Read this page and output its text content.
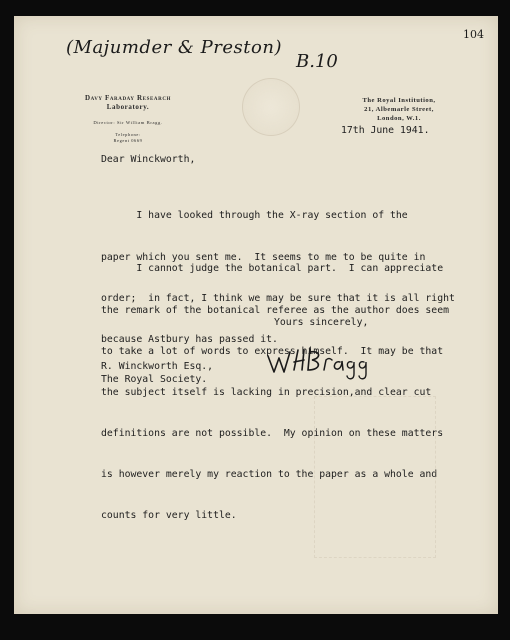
(Majumder & Preston)
B.10
104
Davy Faraday Research
Laboratory.
Director: Sir William Bragg.
Telephone:
Regent 0669
The Royal Institution,
21, Albemarle Street,
London, W.1.
17th June 1941.
Dear Winckworth,

I have looked through the X-ray section of the

paper which you sent me.  It seems to me to be quite in

order;  in fact, I think we may be sure that it is all right

because Astbury has passed it.

I cannot judge the botanical part.  I can appreciate

the remark of the botanical referee as the author does seem

to take a lot of words to express himself.  It may be that

the subject itself is lacking in precision,and clear cut

definitions are not possible.  My opinion on these matters

is however merely my reaction to the paper as a whole and

counts for very little.

Yours sincerely,
R. Winckworth Esq.,
The Royal Society.
